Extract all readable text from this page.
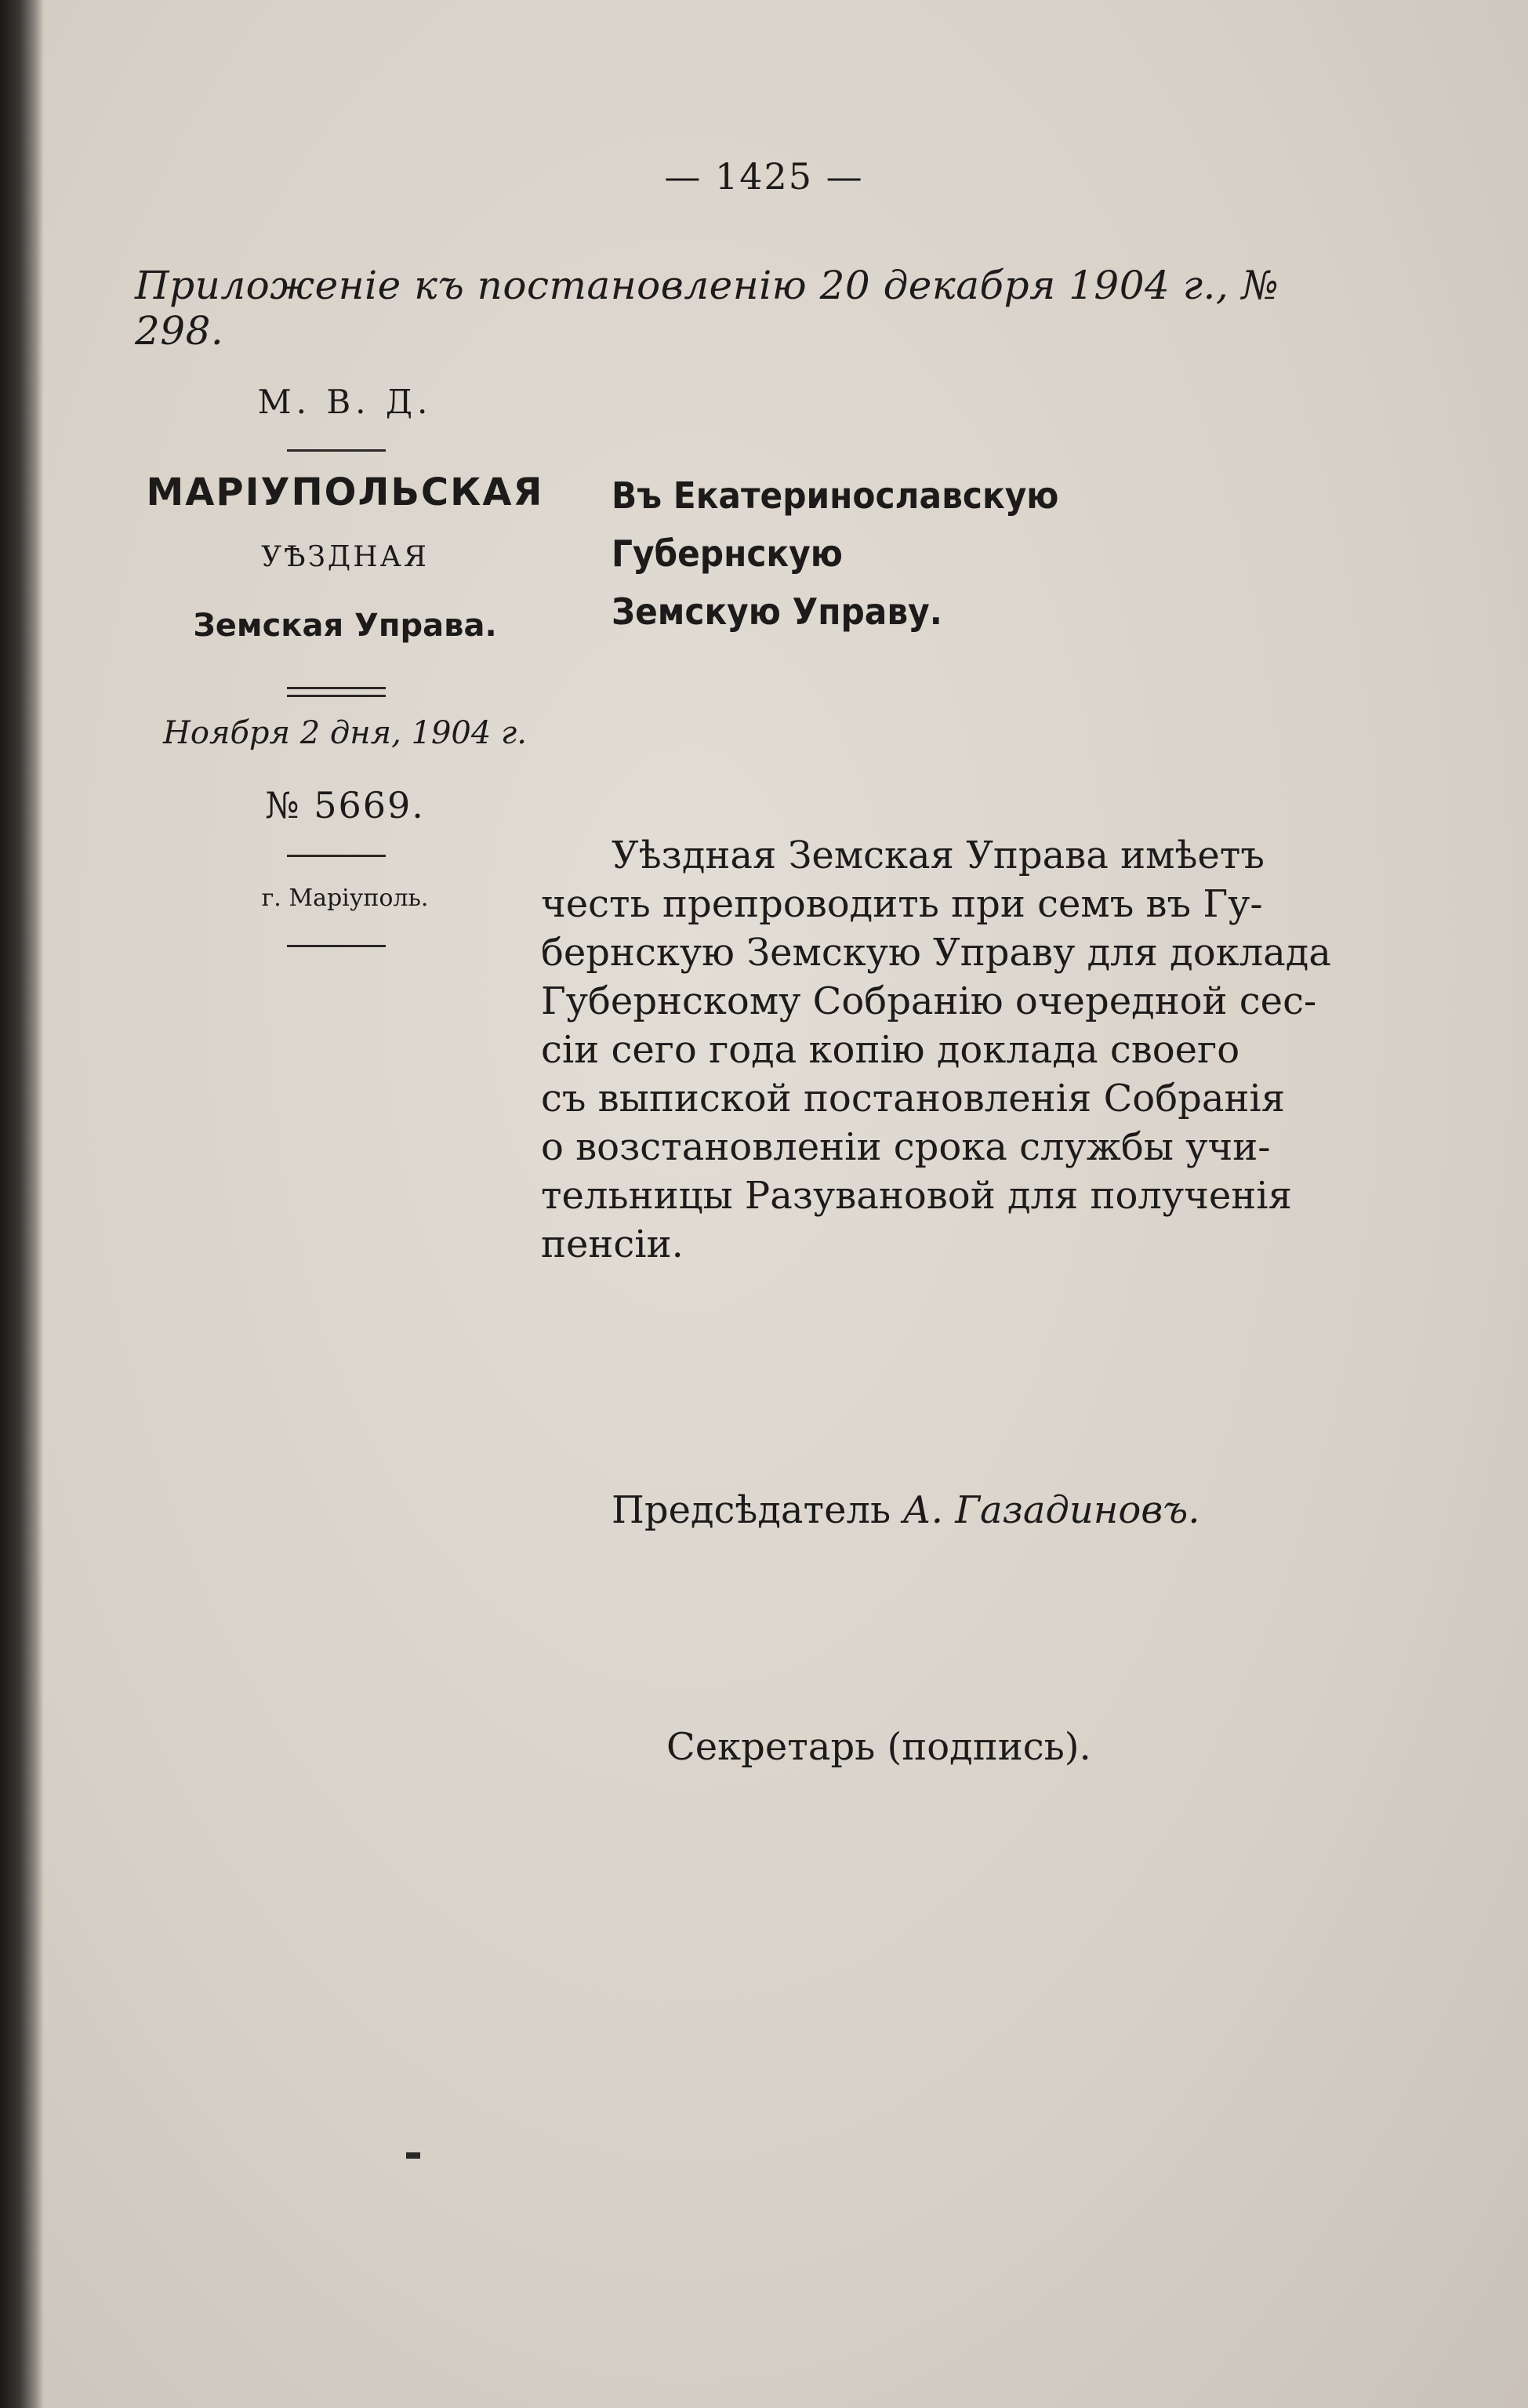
— 1425 —
Приложенiе къ постановленiю 20 декабря 1904 г., № 298.
М. В. Д.
МАРIУПОЛЬСКАЯ
УѢЗДНАЯ
Земская Управа.
Ноября 2 дня, 1904 г.
№ 5669.
г. Марiуполь.
Въ Екатеринославскую Губернскую
Земскую Управу.
Уѣздная Земская Управа имѣетъ
честь препроводить при семъ въ Гу-
бернскую Земскую Управу для доклада
Губернскому Собранiю очередной сес-
сiи сего года копiю доклада своего
съ выпиской постановленiя Собранiя
о возстановленiи срока службы учи-
тельницы Разувановой для полученiя
пенсiи.
Предсѣдатель А. Газадиновъ.
Секретарь (подпись).
